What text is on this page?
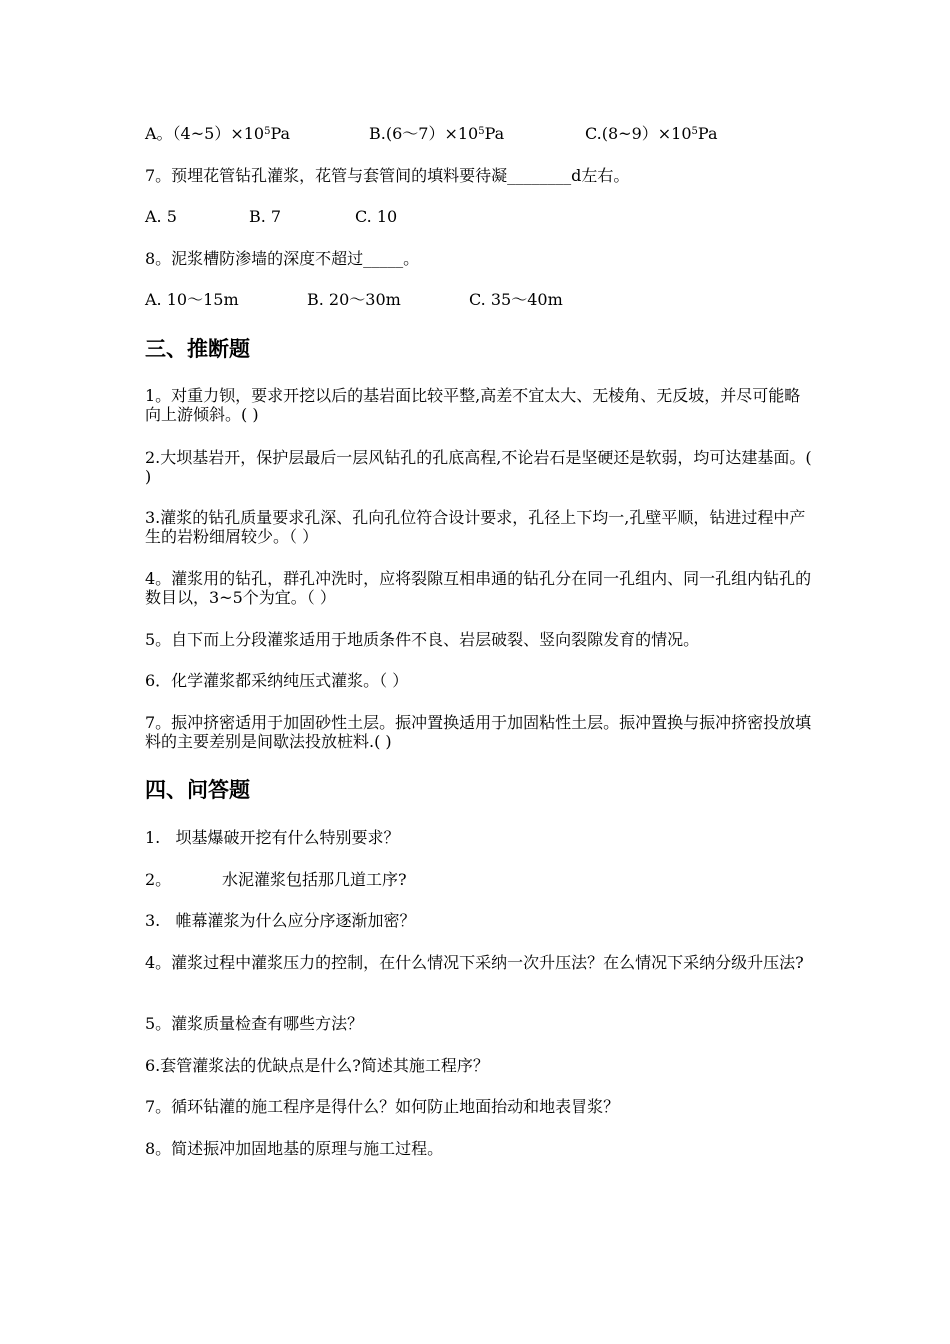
A。$(4\sim 5)\times 10^5Pa$	$B.(6\sim 7)\times 10^5Pa$	$C.(8\sim 9)\times 10^5Pa$
7。预埋花管钻孔灌浆，花管与套管间的填料要待凝________d左右。
A. 5	B. 7	C. 10
8。泥浆槽防渗墙的深度不超过_____。
A. 10～15m	B. 20～30m	C. 35～40m
三、推断题
1。对重力钡，要求开挖以后的基岩面比较平整,高差不宜太大、无棱角、无反坡，并尽可能略向上游倾斜。( )
2.大坝基岩开，保护层最后一层风钻孔的孔底高程,不论岩石是坚硬还是软弱，均可达建基面。( )
3.灌浆的钻孔质量要求孔深、孔向孔位符合设计要求，孔径上下均一,孔壁平顺，钻进过程中产生的岩粉细屑较少。（ ）
4。灌浆用的钻孔，群孔冲洗时，应将裂隙互相串通的钻孔分在同一孔组内、同一孔组内钻孔的数目以，3~5个为宜。（ ）
5。自下而上分段灌浆适用于地质条件不良、岩层破裂、竖向裂隙发育的情况。
6．化学灌浆都采纳纯压式灌浆。（ ）
7。振冲挤密适用于加固砂性土层。振冲置换适用于加固粘性土层。振冲置换与振冲挤密投放填料的主要差别是间歇法投放桩料.( )
四、问答题
1.   坝基爆破开挖有什么特别要求？
2。          水泥灌浆包括那几道工序?
3.   帷幕灌浆为什么应分序逐渐加密？
4。灌浆过程中灌浆压力的控制，在什么情况下采纳一次升压法？在么情况下采纳分级升压法?
5。灌浆质量检查有哪些方法？
6.套管灌浆法的优缺点是什么?简述其施工程序？
7。循环钻灌的施工程序是得什么？如何防止地面抬动和地表冒浆？
8。简述振冲加固地基的原理与施工过程。
